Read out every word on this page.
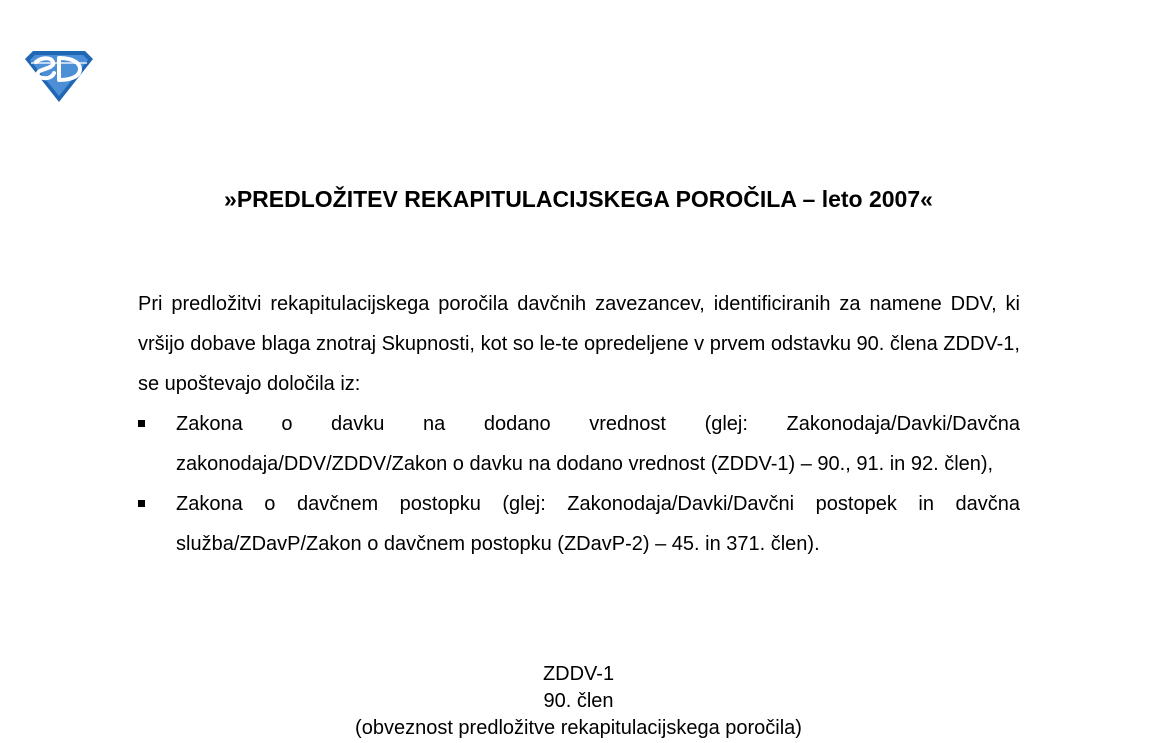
»PREDLOŽITEV REKAPITULACIJSKEGA POROČILA – leto 2007«

Pri predložitvi rekapitulacijskega poročila davčnih zavezancev, identificiranih za namene DDV, ki vršijo dobave blaga znotraj Skupnosti, kot so le-te opredeljene v prvem odstavku 90. člena ZDDV-1, se upoštevajo določila iz:

Zakona o davku na dodano vrednost (glej: Zakonodaja/Davki/Davčna zakonodaja/DDV/ZDDV/Zakon o davku na dodano vrednost (ZDDV-1) – 90., 91. in 92. člen),
Zakona o davčnem postopku (glej: Zakonodaja/Davki/Davčni postopek in davčna služba/ZDavP/Zakon o davčnem postopku (ZDavP-2) – 45. in 371. člen).
ZDDV-1
90. člen
(obveznost predložitve rekapitulacijskega poročila)
